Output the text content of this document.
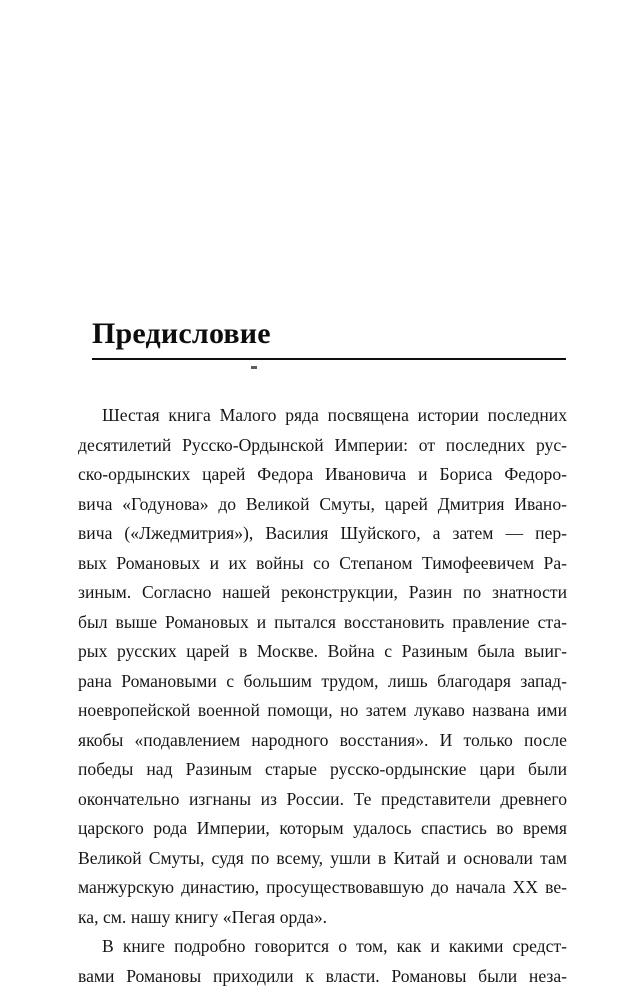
Предисловие

Шестая книга Малого ряда посвящена истории последних
десятилетий Русско-Ордынской Империи: от последних рус-
ско-ордынских царей Федора Ивановича и Бориса Федоро-
вича «Годунова» до Великой Смуты, царей Дмитрия Ивано-
вича («Лжедмитрия»), Василия Шуйского, а затем — пер-
вых Романовых и их войны со Степаном Тимофеевичем Ра-
зиным. Согласно нашей реконструкции, Разин по знатности
был выше Романовых и пытался восстановить правление ста-
рых русских царей в Москве. Война с Разиным была выиг-
рана Романовыми с большим трудом, лишь благодаря запад-
ноевропейской военной помощи, но затем лукаво названа ими
якобы «подавлением народного восстания». И только после
победы над Разиным старые русско-ордынские цари были
окончательно изгнаны из России. Те представители древнего
царского рода Империи, которым удалось спастись во время
Великой Смуты, судя по всему, ушли в Китай и основали там
манжурскую династию, просуществовавшую до начала XX ве-
ка, см. нашу книгу «Пегая орда».

В книге подробно говорится о том, как и какими средст-
вами Романовы приходили к власти. Романовы были неза-
